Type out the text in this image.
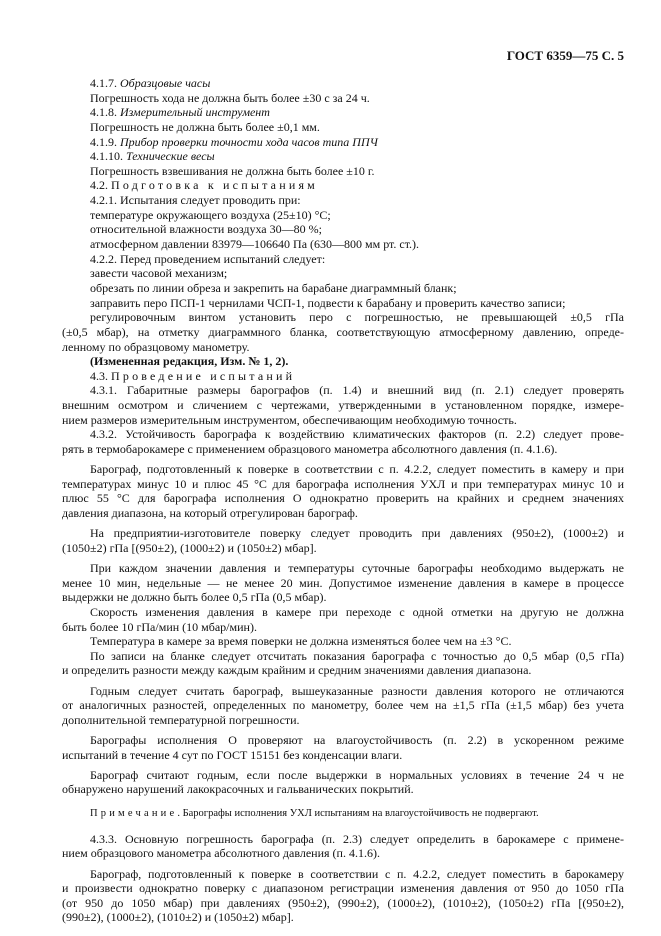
ГОСТ 6359—75 С. 5
4.1.7. Образцовые часы
Погрешность хода не должна быть более ±30 с за 24 ч.
4.1.8. Измерительный инструмент
Погрешность не должна быть более ±0,1 мм.
4.1.9. Прибор проверки точности хода часов типа ППЧ
4.1.10. Технические весы
Погрешность взвешивания не должна быть более ±10 г.
4.2. Подготовка к испытаниям
4.2.1. Испытания следует проводить при:
температуре окружающего воздуха (25±10) °С;
относительной влажности воздуха 30—80 %;
атмосферном давлении 83979—106640 Па (630—800 мм рт. ст.).
4.2.2. Перед проведением испытаний следует:
завести часовой механизм;
обрезать по линии обреза и закрепить на барабане диаграммный бланк;
заправить перо ПСП-1 чернилами ЧСП-1, подвести к барабану и проверить качество записи;
регулировочным винтом установить перо с погрешностью, не превышающей ±0,5 гПа
(±0,5 мбар), на отметку диаграммного бланка, соответствующую атмосферному давлению, опреде-
ленному по образцовому манометру.
(Измененная редакция, Изм. № 1, 2).
4.3. Проведение испытаний
4.3.1. Габаритные размеры барографов (п. 1.4) и внешний вид (п. 2.1) следует проверять
внешним осмотром и сличением с чертежами, утвержденными в установленном порядке, измере-
нием размеров измерительным инструментом, обеспечивающим необходимую точность.
4.3.2. Устойчивость барографа к воздействию климатических факторов (п. 2.2) следует прове-
рять в термобарокамере с применением образцового манометра абсолютного давления (п. 4.1.6).
Барограф, подготовленный к поверке в соответствии с п. 4.2.2, следует поместить в камеру и при
температурах минус 10 и плюс 45 °С для барографа исполнения УХЛ и при температурах минус 10 и
плюс 55 °С для барографа исполнения О однократно проверить на крайних и среднем значениях
давления диапазона, на который отрегулирован барограф.
На предприятии-изготовителе поверку следует проводить при давлениях (950±2), (1000±2) и
(1050±2) гПа [(950±2), (1000±2) и (1050±2) мбар].
При каждом значении давления и температуры суточные барографы необходимо выдержать не
менее 10 мин, недельные — не менее 20 мин. Допустимое изменение давления в камере в процессе
выдержки не должно быть более 0,5 гПа (0,5 мбар).
Скорость изменения давления в камере при переходе с одной отметки на другую не должна
быть более 10 гПа/мин (10 мбар/мин).
Температура в камере за время поверки не должна изменяться более чем на ±3 °С.
По записи на бланке следует отсчитать показания барографа с точностью до 0,5 мбар (0,5 гПа)
и определить разности между каждым крайним и средним значениями давления диапазона.
Годным следует считать барограф, вышеуказанные разности давления которого не отличаются
от аналогичных разностей, определенных по манометру, более чем на ±1,5 гПа (±1,5 мбар) без учета
дополнительной температурной погрешности.
Барографы исполнения О проверяют на влагоустойчивость (п. 2.2) в ускоренном режиме
испытаний в течение 4 сут по ГОСТ 15151 без конденсации влаги.
Барограф считают годным, если после выдержки в нормальных условиях в течение 24 ч не
обнаружено нарушений лакокрасочных и гальванических покрытий.
Примечание. Барографы исполнения УХЛ испытаниям на влагоустойчивость не подвергают.
4.3.3. Основную погрешность барографа (п. 2.3) следует определить в барокамере с примене-
нием образцового манометра абсолютного давления (п. 4.1.6).
Барограф, подготовленный к поверке в соответствии с п. 4.2.2, следует поместить в барокамеру
и произвести однократно поверку с диапазоном регистрации изменения давления от 950 до 1050 гПа
(от 950 до 1050 мбар) при давлениях (950±2), (990±2), (1000±2), (1010±2), (1050±2) гПа [(950±2),
(990±2), (1000±2), (1010±2) и (1050±2) мбар].
